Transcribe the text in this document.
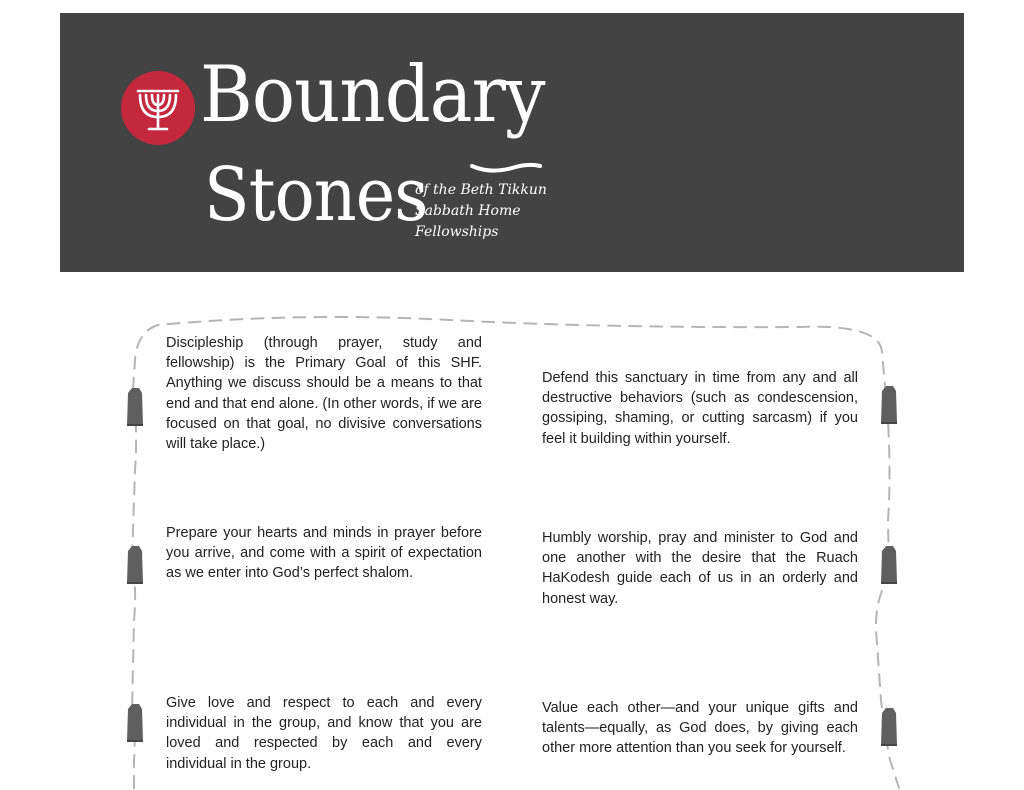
Boundary
Stones
of the Beth Tikkun
Sabbath Home
Fellowships
Discipleship (through prayer, study and fellowship) is the Primary Goal of this SHF. Anything we discuss should be a means to that end and that end alone. (In other words, if we are focused on that goal, no divisive conversations will take place.)
Defend this sanctuary in time from any and all destructive behaviors (such as condescension, gossiping, shaming, or cutting sarcasm) if you feel it building within yourself.
Prepare your hearts and minds in prayer before you arrive, and come with a spirit of expectation as we enter into God’s perfect shalom.
Humbly worship, pray and minister to God and one another with the desire that the Ruach HaKodesh guide each of us in an orderly and honest way.
Give love and respect to each and every individual in the group, and know that you are loved and respected by each and every individual in the group.
Value each other—and your unique gifts and talents—equally, as God does, by giving each other more attention than you seek for yourself.
